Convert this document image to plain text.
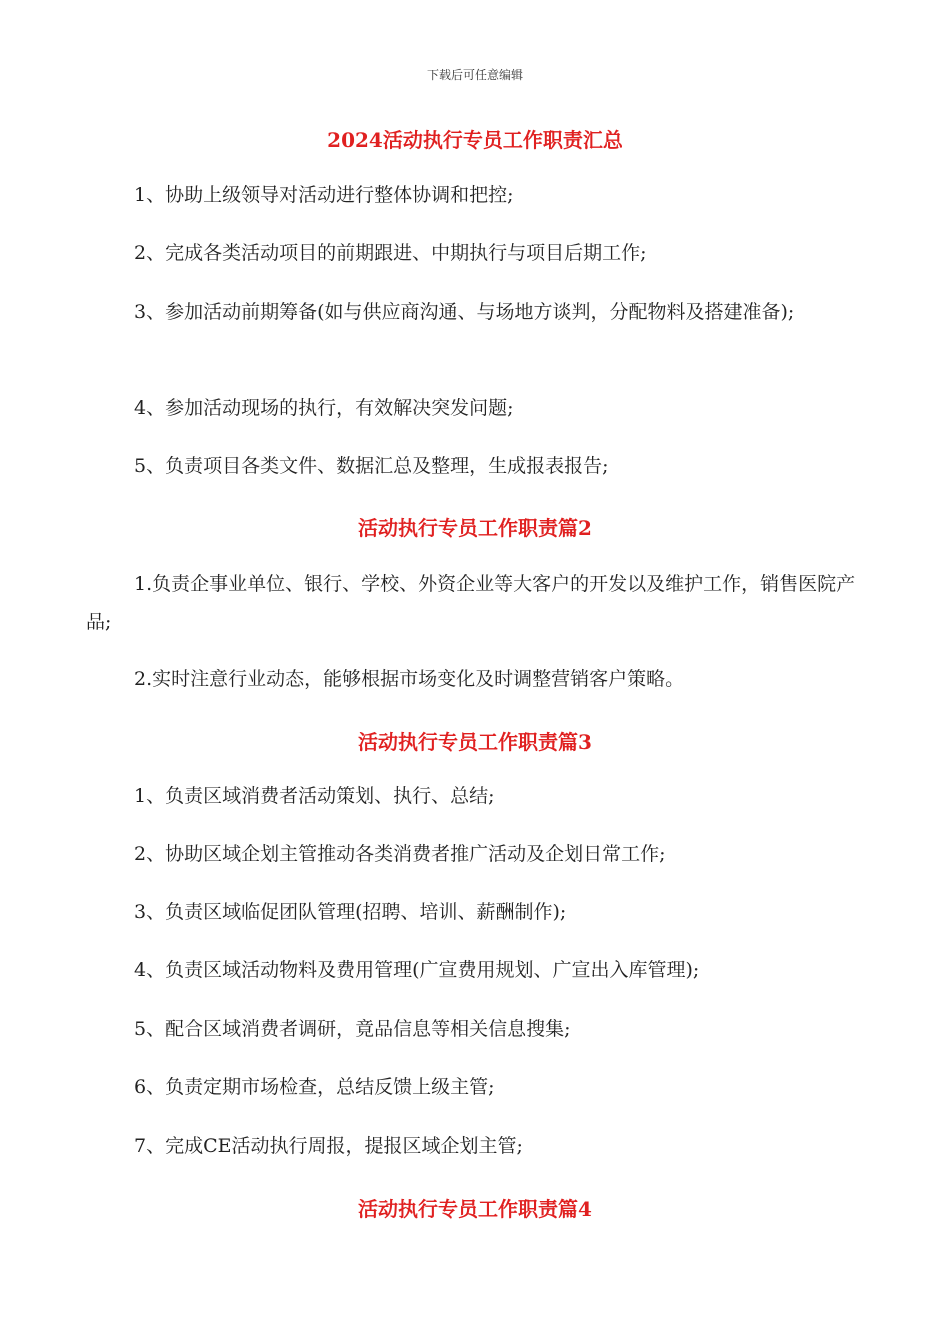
下载后可任意编辑
2024活动执行专员工作职责汇总
1、协助上级领导对活动进行整体协调和把控;
2、完成各类活动项目的前期跟进、中期执行与项目后期工作;
3、参加活动前期筹备(如与供应商沟通、与场地方谈判，分配物料及搭建准备);
4、参加活动现场的执行，有效解决突发问题;
5、负责项目各类文件、数据汇总及整理，生成报表报告;
活动执行专员工作职责篇2
1.负责企事业单位、银行、学校、外资企业等大客户的开发以及维护工作，销售医院产品;
2.实时注意行业动态，能够根据市场变化及时调整营销客户策略。
活动执行专员工作职责篇3
1、负责区域消费者活动策划、执行、总结;
2、协助区域企划主管推动各类消费者推广活动及企划日常工作;
3、负责区域临促团队管理(招聘、培训、薪酬制作);
4、负责区域活动物料及费用管理(广宣费用规划、广宣出入库管理);
5、配合区域消费者调研，竟品信息等相关信息搜集;
6、负责定期市场检查，总结反馈上级主管;
7、完成CE活动执行周报，提报区域企划主管;
活动执行专员工作职责篇4
